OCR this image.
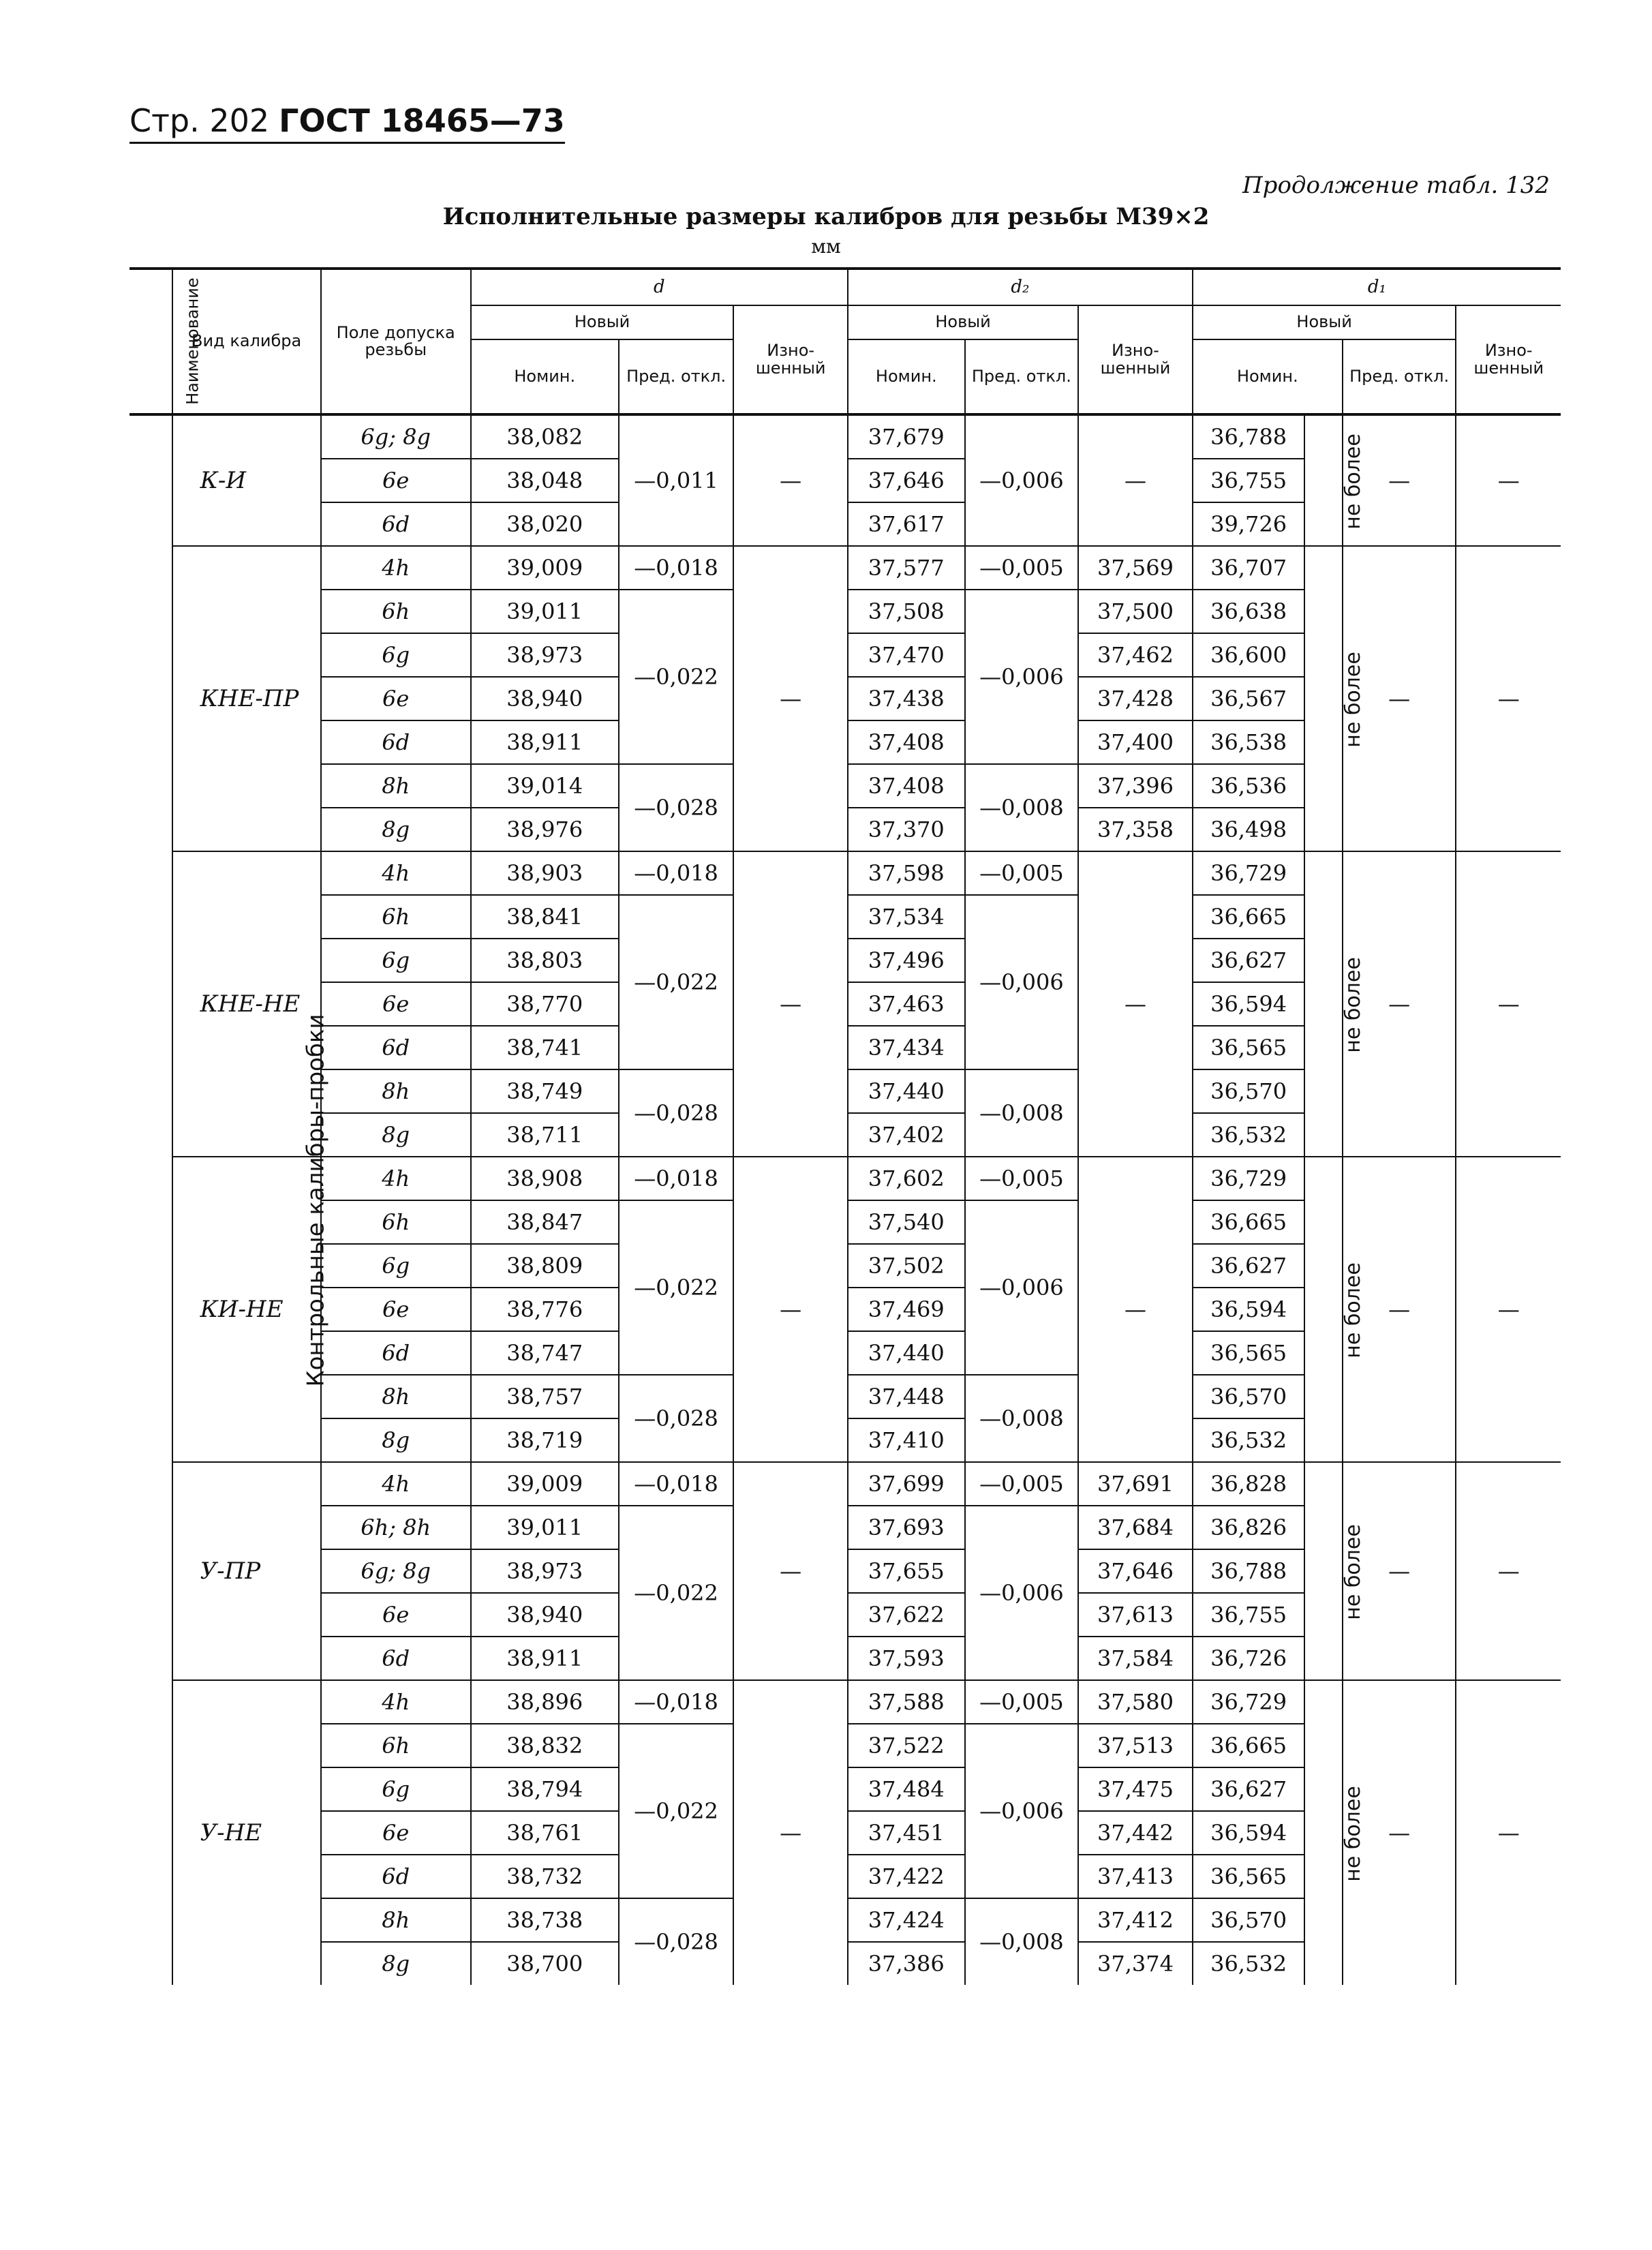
Стр. 202 ГОСТ 18465—73
Продолжение табл. 132
Исполнительные размеры калибров для резьбы М39×2
мм
Наименование	Вид калибра	Поле допуска резьбы	d			d₂			d₁			
			Новый		Изно-шенный	Новый		Изно-шенный	Новый			Изно-шенный
			Номин.	Пред. откл.		Номин.	Пред. откл.		Номин.		Пред. откл.	
Контрольные калибры-пробки	К-И	6g; 8g	38,082	—0,011	—	37,679	—0,006	—	36,788	не более	—	—
		6e	38,048			37,646			36,755			
		6d	38,020			37,617			39,726			
	КНЕ-ПР	4h	39,009	—0,018	—	37,577	—0,005	37,569	36,707	не более	—	—
		6h	39,011	—0,022		37,508	—0,006	37,500	36,638			
		6g	38,973			37,470		37,462	36,600			
		6e	38,940			37,438		37,428	36,567			
		6d	38,911			37,408		37,400	36,538			
		8h	39,014	—0,028		37,408	—0,008	37,396	36,536			
		8g	38,976			37,370		37,358	36,498			
	КНЕ-НЕ	4h	38,903	—0,018	—	37,598	—0,005	—	36,729	не более	—	—
		6h	38,841	—0,022		37,534	—0,006		36,665			
		6g	38,803			37,496			36,627			
		6e	38,770			37,463			36,594			
		6d	38,741			37,434			36,565			
		8h	38,749	—0,028		37,440	—0,008		36,570			
		8g	38,711			37,402			36,532			
	КИ-НЕ	4h	38,908	—0,018	—	37,602	—0,005	—	36,729	не более	—	—
		6h	38,847	—0,022		37,540	—0,006		36,665			
		6g	38,809			37,502			36,627			
		6e	38,776			37,469			36,594			
		6d	38,747			37,440			36,565			
		8h	38,757	—0,028		37,448	—0,008		36,570			
		8g	38,719			37,410			36,532			
	У-ПР	4h	39,009	—0,018	—	37,699	—0,005	37,691	36,828	не более	—	—
		6h; 8h	39,011	—0,022		37,693	—0,006	37,684	36,826			
		6g; 8g	38,973			37,655		37,646	36,788			
		6e	38,940			37,622		37,613	36,755			
		6d	38,911			37,593		37,584	36,726			
	У-НЕ	4h	38,896	—0,018	—	37,588	—0,005	37,580	36,729	не более	—	—
		6h	38,832	—0,022		37,522	—0,006	37,513	36,665			
		6g	38,794			37,484		37,475	36,627			
		6e	38,761			37,451		37,442	36,594			
		6d	38,732			37,422		37,413	36,565			
		8h	38,738	—0,028		37,424	—0,008	37,412	36,570			
		8g	38,700			37,386		37,374	36,532			
